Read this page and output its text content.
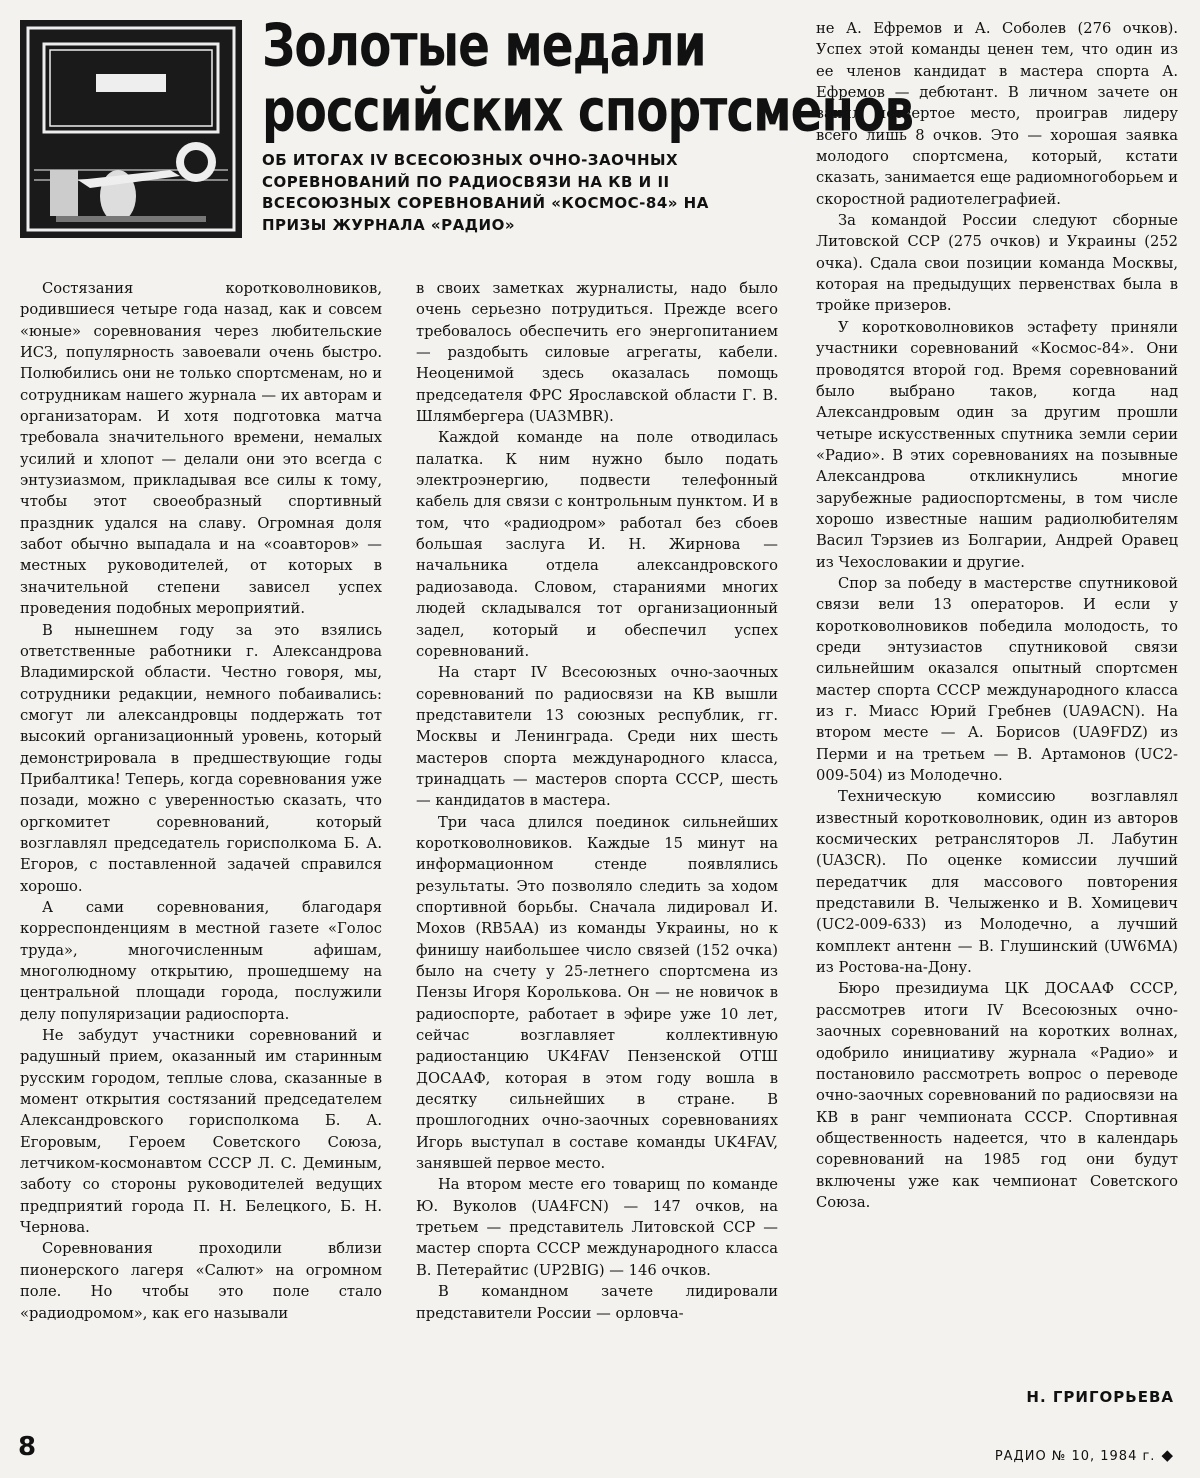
Золотые медали
российских спортсменов
ОБ ИТОГАХ IV ВСЕСОЮЗНЫХ ОЧНО-ЗАОЧНЫХ СОРЕВНОВАНИЙ ПО РАДИОСВЯЗИ НА КВ И II ВСЕСОЮЗНЫХ СОРЕВНОВАНИЙ «КОСМОС-84» НА ПРИЗЫ ЖУРНАЛА «РАДИО»

Состязания коротковолновиков, родившиеся четыре года назад, как и совсем «юные» соревнования через любительские ИСЗ, популярность завоевали очень быстро. Полюбились они не только спортсменам, но и сотрудникам нашего журнала — их авторам и организаторам. И хотя подготовка матча требовала значительного времени, немалых усилий и хлопот — делали они это всегда с энтузиазмом, прикладывая все силы к тому, чтобы этот своеобразный спортивный праздник удался на славу. Огромная доля забот обычно выпадала и на «соавторов» — местных руководителей, от которых в значительной степени зависел успех проведения подобных мероприятий.

В нынешнем году за это взялись ответственные работники г. Александрова Владимирской области. Честно говоря, мы, сотрудники редакции, немного побаивались: смогут ли александровцы поддержать тот высокий организационный уровень, который демонстрировала в предшествующие годы Прибалтика! Теперь, когда соревнования уже позади, можно с уверенностью сказать, что оргкомитет соревнований, который возглавлял председатель горисполкома Б. А. Егоров, с поставленной задачей справился хорошо.

А сами соревнования, благодаря корреспонденциям в местной газете «Голос труда», многочисленным афишам, многолюдному открытию, прошедшему на центральной площади города, послужили делу популяризации радиоспорта.

Не забудут участники соревнований и радушный прием, оказанный им старинным русским городом, теплые слова, сказанные в момент открытия состязаний председателем Александровского горисполкома Б. А. Егоровым, Героем Советского Союза, летчиком-космонавтом СССР Л. С. Деминым, заботу со стороны руководителей ведущих предприятий города П. Н. Белецкого, Б. Н. Чернова.

Соревнования проходили вблизи пионерского лагеря «Салют» на огромном поле. Но чтобы это поле стало «радиодромом», как его называли

в своих заметках журналисты, надо было очень серьезно потрудиться. Прежде всего требовалось обеспечить его энергопитанием — раздобыть силовые агрегаты, кабели. Неоценимой здесь оказалась помощь председателя ФРС Ярославской области Г. В. Шлямбергера (UA3MBR).

Каждой команде на поле отводилась палатка. К ним нужно было подать электроэнергию, подвести телефонный кабель для связи с контрольным пунктом. И в том, что «радиодром» работал без сбоев большая заслуга И. Н. Жирнова — начальника отдела александровского радиозавода. Словом, стараниями многих людей складывался тот организационный задел, который и обеспечил успех соревнований.

На старт IV Всесоюзных очно-заочных соревнований по радиосвязи на КВ вышли представители 13 союзных республик, гг. Москвы и Ленинграда. Среди них шесть мастеров спорта международного класса, тринадцать — мастеров спорта СССР, шесть — кандидатов в мастера.

Три часа длился поединок сильнейших коротковолновиков. Каждые 15 минут на информационном стенде появлялись результаты. Это позволяло следить за ходом спортивной борьбы. Сначала лидировал И. Мохов (RB5AA) из команды Украины, но к финишу наибольшее число связей (152 очка) было на счету у 25-летнего спортсмена из Пензы Игоря Королькова. Он — не новичок в радиоспорте, работает в эфире уже 10 лет, сейчас возглавляет коллективную радиостанцию UK4FAV Пензенской ОТШ ДОСААФ, которая в этом году вошла в десятку сильнейших в стране. В прошлогодних очно-заочных соревнованиях Игорь выступал в составе команды UK4FAV, занявшей первое место.

На втором месте его товарищ по команде Ю. Вуколов (UA4FCN) — 147 очков, на третьем — представитель Литовской ССР — мастер спорта СССР международного класса В. Петерайтис (UP2BIG) — 146 очков.

В командном зачете лидировали представители России — орловча-

не А. Ефремов и А. Соболев (276 очков). Успех этой команды ценен тем, что один из ее членов кандидат в мастера спорта А. Ефремов — дебютант. В личном зачете он занял четвертое место, проиграв лидеру всего лишь 8 очков. Это — хорошая заявка молодого спортсмена, который, кстати сказать, занимается еще радиомногоборьем и скоростной радиотелеграфией.

За командой России следуют сборные Литовской ССР (275 очков) и Украины (252 очка). Сдала свои позиции команда Москвы, которая на предыдущих первенствах была в тройке призеров.

У коротковолновиков эстафету приняли участники соревнований «Космос-84». Они проводятся второй год. Время соревнований было выбрано таков, когда над Александровым один за другим прошли четыре искусственных спутника земли серии «Радио». В этих соревнованиях на позывные Александрова откликнулись многие зарубежные радиоспортсмены, в том числе хорошо известные нашим радиолюбителям Васил Тэрзиев из Болгарии, Андрей Оравец из Чехословакии и другие.

Спор за победу в мастерстве спутниковой связи вели 13 операторов. И если у коротковолновиков победила молодость, то среди энтузиастов спутниковой связи сильнейшим оказался опытный спортсмен мастер спорта СССР международного класса из г. Миасс Юрий Гребнев (UA9ACN). На втором месте — А. Борисов (UA9FDZ) из Перми и на третьем — В. Артамонов (UC2-009-504) из Молодечно.

Техническую комиссию возглавлял известный коротковолновик, один из авторов космических ретрансляторов Л. Лабутин (UA3CR). По оценке комиссии лучший передатчик для массового повторения представили В. Челыженко и В. Хомицевич (UC2-009-633) из Молодечно, а лучший комплект антенн — В. Глушинский (UW6MA) из Ростова-на-Дону.

Бюро президиума ЦК ДОСААФ СССР, рассмотрев итоги IV Всесоюзных очно-заочных соревнований на коротких волнах, одобрило инициативу журнала «Радио» и постановило рассмотреть вопрос о переводе очно-заочных соревнований по радиосвязи на КВ в ранг чемпионата СССР. Спортивная общественность надеется, что в календарь соревнований на 1985 год они будут включены уже как чемпионат Советского Союза.

Н. ГРИГОРЬЕВА
8	РАДИО № 10, 1984 г. ◆
